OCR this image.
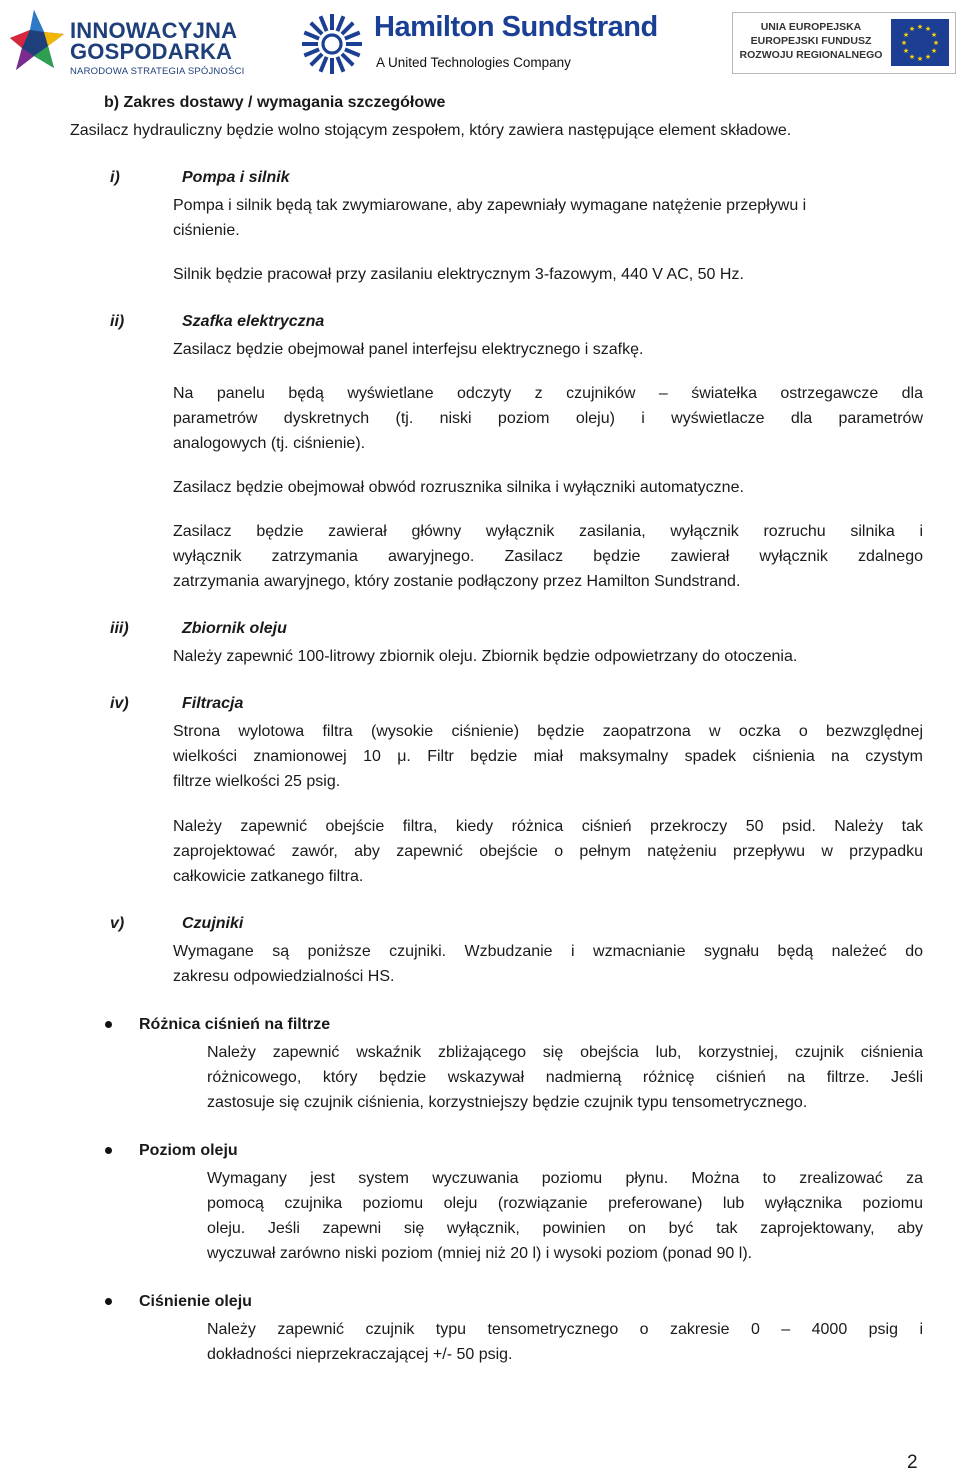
INNOWACYJNA
GOSPODARKA
NARODOWA STRATEGIA SPÓJNOŚCI
Hamilton Sundstrand
A United Technologies Company
UNIA EUROPEJSKA
EUROPEJSKI FUNDUSZ
ROZWOJU REGIONALNEGO
★ ★
★
★
★
★
★
★
★
★
★
★

b) Zakres dostawy / wymagania szczegółowe

Zasilacz hydrauliczny będzie wolno stojącym zespołem, który zawiera następujące element składowe.

i)	Pompa i silnik

Pompa i silnik będą tak zwymiarowane, aby zapewniały wymagane natężenie przepływu i

ciśnienie.

Silnik będzie pracował przy zasilaniu elektrycznym 3-fazowym, 440 V AC, 50 Hz.

ii)	Szafka elektryczna

Zasilacz będzie obejmował panel interfejsu elektrycznego i szafkę.

Na panelu będą wyświetlane odczyty z czujników – światełka ostrzegawcze dla

parametrów dyskretnych (tj. niski poziom oleju) i wyświetlacze dla parametrów

analogowych (tj. ciśnienie).

Zasilacz będzie obejmował obwód rozrusznika silnika i wyłączniki automatyczne.

Zasilacz będzie zawierał główny wyłącznik zasilania, wyłącznik rozruchu silnika i

wyłącznik zatrzymania awaryjnego. Zasilacz będzie zawierał wyłącznik zdalnego

zatrzymania awaryjnego, który zostanie podłączony przez Hamilton Sundstrand.

iii)	Zbiornik oleju

Należy zapewnić 100-litrowy zbiornik oleju. Zbiornik będzie odpowietrzany do otoczenia.

iv)	Filtracja

Strona wylotowa filtra (wysokie ciśnienie) będzie zaopatrzona w oczka o bezwzględnej

wielkości znamionowej 10 μ. Filtr będzie miał maksymalny spadek ciśnienia na czystym

filtrze wielkości 25 psig.

Należy zapewnić obejście filtra, kiedy różnica ciśnień przekroczy 50 psid. Należy tak

zaprojektować zawór, aby zapewnić obejście o pełnym natężeniu przepływu w przypadku

całkowicie zatkanego filtra.

v)	Czujniki

Wymagane są poniższe czujniki. Wzbudzanie i wzmacnianie sygnału będą należeć do

zakresu odpowiedzialności HS.

Różnica ciśnień na filtrze

Należy zapewnić wskaźnik zbliżającego się obejścia lub, korzystniej, czujnik ciśnienia

różnicowego, który będzie wskazywał nadmierną różnicę ciśnień na filtrze. Jeśli

zastosuje się czujnik ciśnienia, korzystniejszy będzie czujnik typu tensometrycznego.

Poziom oleju

Wymagany jest system wyczuwania poziomu płynu. Można to zrealizować za

pomocą czujnika poziomu oleju (rozwiązanie preferowane) lub wyłącznika poziomu

oleju. Jeśli zapewni się wyłącznik, powinien on być tak zaprojektowany, aby

wyczuwał zarówno niski poziom (mniej niż 20 l) i wysoki poziom (ponad 90 l).

Ciśnienie oleju

Należy zapewnić czujnik typu tensometrycznego o zakresie 0 – 4000 psig i

dokładności nieprzekraczającej +/- 50 psig.

2
